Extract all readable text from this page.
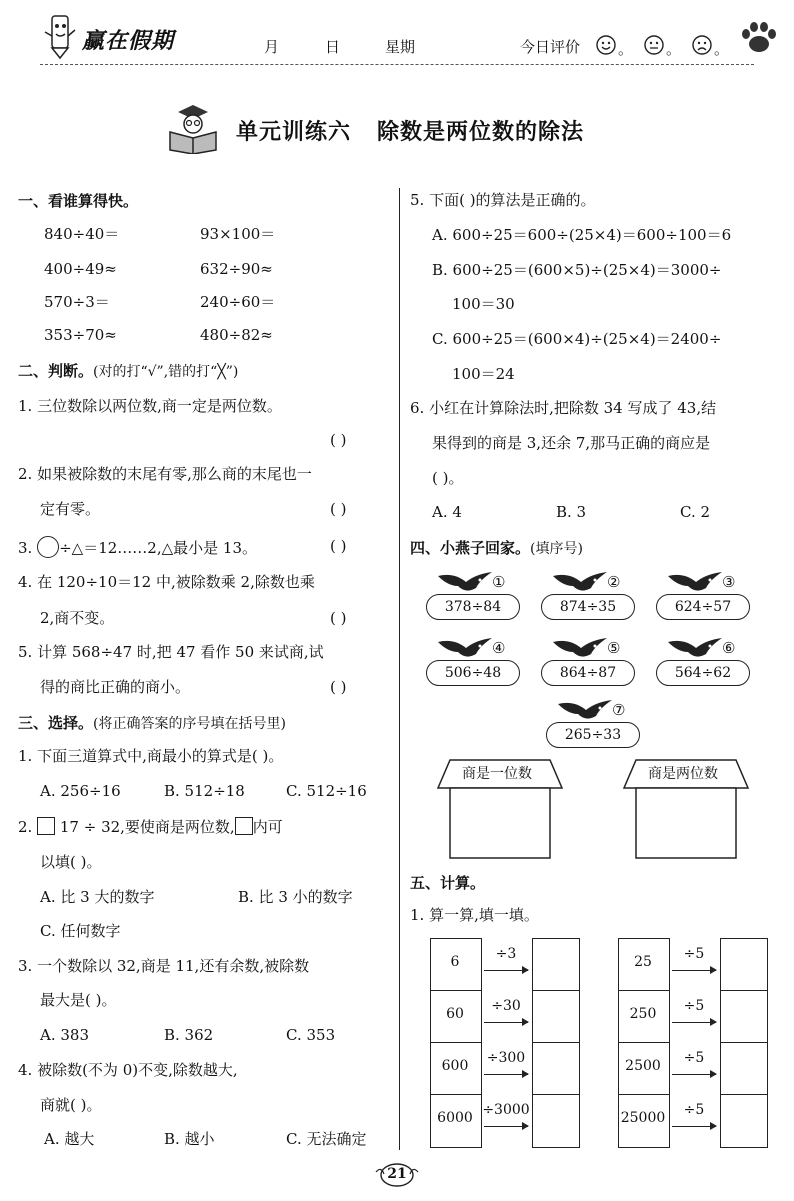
赢在假期	月	日	星期	今日评价	。 。 。
单元训练六   除数是两位数的除法
一、看谁算得快。
840÷40＝	93×100＝
400÷49≈	632÷90≈
570÷3＝	240÷60＝
353÷70≈	480÷82≈
二、判断。(对的打“√”,错的打“╳”)
1. 三位数除以两位数,商一定是两位数。
( )
2. 如果被除数的末尾有零,那么商的末尾也一
定有零。	( )
3. ÷△＝12……2,△最小是 13。	( )
4. 在 120÷10＝12 中,被除数乘 2,除数也乘
2,商不变。	( )
5. 计算 568÷47 时,把 47 看作 50 来试商,试
得的商比正确的商小。	( )
三、选择。(将正确答案的序号填在括号里)
1. 下面三道算式中,商最小的算式是( )。
A. 256÷16	B. 512÷18	C. 512÷16
2. 17 ÷ 32,要使商是两位数, 内可
以填( )。
A. 比 3 大的数字	B. 比 3 小的数字
C. 任何数字
3. 一个数除以 32,商是 11,还有余数,被除数
最大是( )。
A. 383	B. 362	C. 353
4. 被除数(不为 0)不变,除数越大,
商就( )。
A. 越大	B. 越小	C. 无法确定
5. 下面( )的算法是正确的。
A. 600÷25＝600÷(25×4)＝600÷100＝6
B. 600÷25＝(600×5)÷(25×4)＝3000÷
100＝30
C. 600÷25＝(600×4)÷(25×4)＝2400÷
100＝24
6. 小红在计算除法时,把除数 34 写成了 43,结
果得到的商是 3,还余 7,那马正确的商应是
( )。
A. 4	B. 3	C. 2
四、小燕子回家。(填序号)
①
378÷84
②
874÷35
③
624÷57
④
506÷48
⑤
864÷87
⑥
564÷62
⑦
265÷33
商是一位数	商是两位数
五、计算。
1. 算一算,填一填。
6	÷3
60	÷30
600	÷300
6000 ÷3000
25	÷5
250	÷5
2500	÷5
25000	÷5
21
